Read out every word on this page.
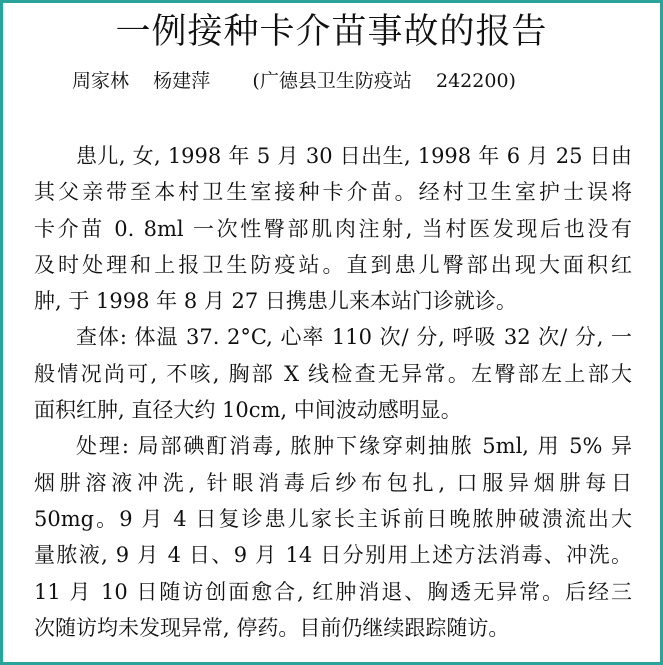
一例接种卡介苗事故的报告
周家林    杨建萍       (广德县卫生防疫站    242200)
患儿, 女, 1998 年 5 月 30 日出生, 1998 年 6 月 25 日由
其父亲带至本村卫生室接种卡介苗。经村卫生室护士误将
卡介苗 0. 8ml 一次性臀部肌肉注射, 当村医发现后也没有
及时处理和上报卫生防疫站。直到患儿臀部出现大面积红
肿, 于 1998 年 8 月 27 日携患儿来本站门诊就诊。
查体: 体温 37. 2°C, 心率 110 次/ 分, 呼吸 32 次/ 分, 一
般情况尚可, 不咳, 胸部 X 线检查无异常。左臀部左上部大
面积红肿, 直径大约 10cm, 中间波动感明显。
处理: 局部碘酊消毒, 脓肿下缘穿刺抽脓 5ml, 用 5% 异
烟肼溶液冲洗, 针眼消毒后纱布包扎, 口服异烟肼每日
50mg。9 月 4 日复诊患儿家长主诉前日晚脓肿破溃流出大
量脓液, 9 月 4 日、9 月 14 日分别用上述方法消毒、冲洗。
11 月 10 日随访创面愈合, 红肿消退、胸透无异常。后经三
次随访均未发现异常, 停药。目前仍继续跟踪随访。
